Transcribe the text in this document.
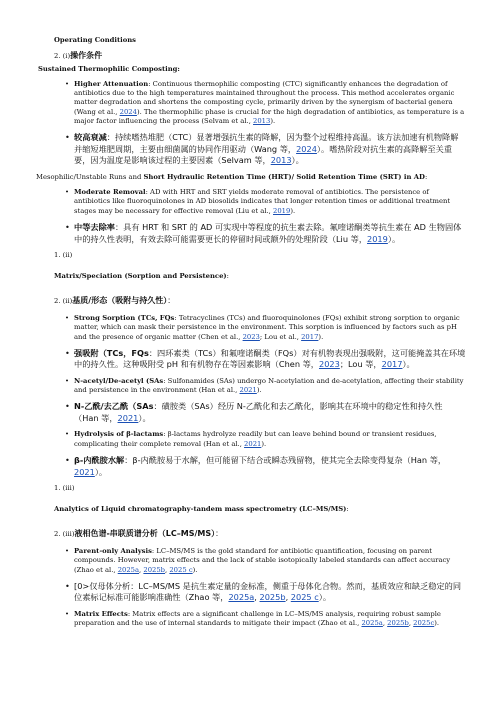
Operating Conditions

2. (i)操作条件

Sustained Thermophilic Composting:

• Higher Attenuation: Continuous thermophilic composting (CTC) significantly enhances the degradation of antibiotics due to the high temperatures maintained throughout the process. This method accelerates organic matter degradation and shortens the composting cycle, primarily driven by the synergism of bacterial genera (Wang et al., 2024). The thermophilic phase is crucial for the high degradation of antibiotics, as temperature is a major factor influencing the process (Selvam et al., 2013).
• 较高衰减：持续嗜热堆肥（CTC）显著增强抗生素的降解，因为整个过程维持高温。该方法加速有机物降解并缩短堆肥周期，主要由细菌属的协同作用驱动（Wang 等，2024）。嗜热阶段对抗生素的高降解至关重要，因为温度是影响该过程的主要因素（Selvam 等，2013）。

Mesophilic/Unstable Runs and Short Hydraulic Retention Time (HRT)/ Solid Retention Time (SRT) in AD:

• Moderate Removal: AD with HRT and SRT yields moderate removal of antibiotics. The persistence of antibiotics like fluoroquinolones in AD biosolids indicates that longer retention times or additional treatment stages may be necessary for effective removal (Liu et al., 2019).
• 中等去除率：具有 HRT 和 SRT 的 AD 可实现中等程度的抗生素去除。氟喹诺酮类等抗生素在 AD 生物固体中的持久性表明，有效去除可能需要更长的停留时间或额外的处理阶段（Liu 等，2019）。

1. (ii)

Matrix/Speciation (Sorption and Persistence):

2. (ii)基质/形态（吸附与持久性）：

• Strong Sorption (TCs, FQs: Tetracyclines (TCs) and fluoroquinolones (FQs) exhibit strong sorption to organic matter, which can mask their persistence in the environment. This sorption is influenced by factors such as pH and the presence of organic matter (Chen et al., 2023; Lou et al., 2017).
• 强吸附（TCs，FQs：四环素类（TCs）和氟喹诺酮类（FQs）对有机物表现出强吸附，这可能掩盖其在环境中的持久性。这种吸附受 pH 和有机物存在等因素影响（Chen 等，2023；Lou 等，2017）。
• N-acetyl/De-acetyl (SAs: Sulfonamides (SAs) undergo N-acetylation and de-acetylation, affecting their stability and persistence in the environment (Han et al., 2021).
• N-乙酰/去乙酰（SAs：磺胺类（SAs）经历 N-乙酰化和去乙酰化，影响其在环境中的稳定性和持久性（Han 等，2021）。
• Hydrolysis of β-lactams: β-lactams hydrolyze readily but can leave behind bound or transient residues, complicating their complete removal (Han et al., 2021).
• β-内酰胺水解：β-内酰胺易于水解，但可能留下结合或瞬态残留物，使其完全去除变得复杂（Han 等，2021）。

1. (iii)

Analytics of Liquid chromatography-tandem mass spectrometry (LC–MS/MS):

2. (iii)液相色谱-串联质谱分析（LC–MS/MS）：

• Parent-only Analysis: LC–MS/MS is the gold standard for antibiotic quantification, focusing on parent compounds. However, matrix effects and the lack of stable isotopically labeled standards can affect accuracy (Zhao et al., 2025a, 2025b, 2025 c).
• [0>仅母体分析：LC–MS/MS 是抗生素定量的金标准，侧重于母体化合物。然而，基质效应和缺乏稳定的同位素标记标准可能影响准确性（Zhao 等，2025a, 2025b, 2025 c）。
• Matrix Effects: Matrix effects are a significant challenge in LC–MS/MS analysis, requiring robust sample preparation and the use of internal standards to mitigate their impact (Zhao et al., 2025a, 2025b, 2025c).
